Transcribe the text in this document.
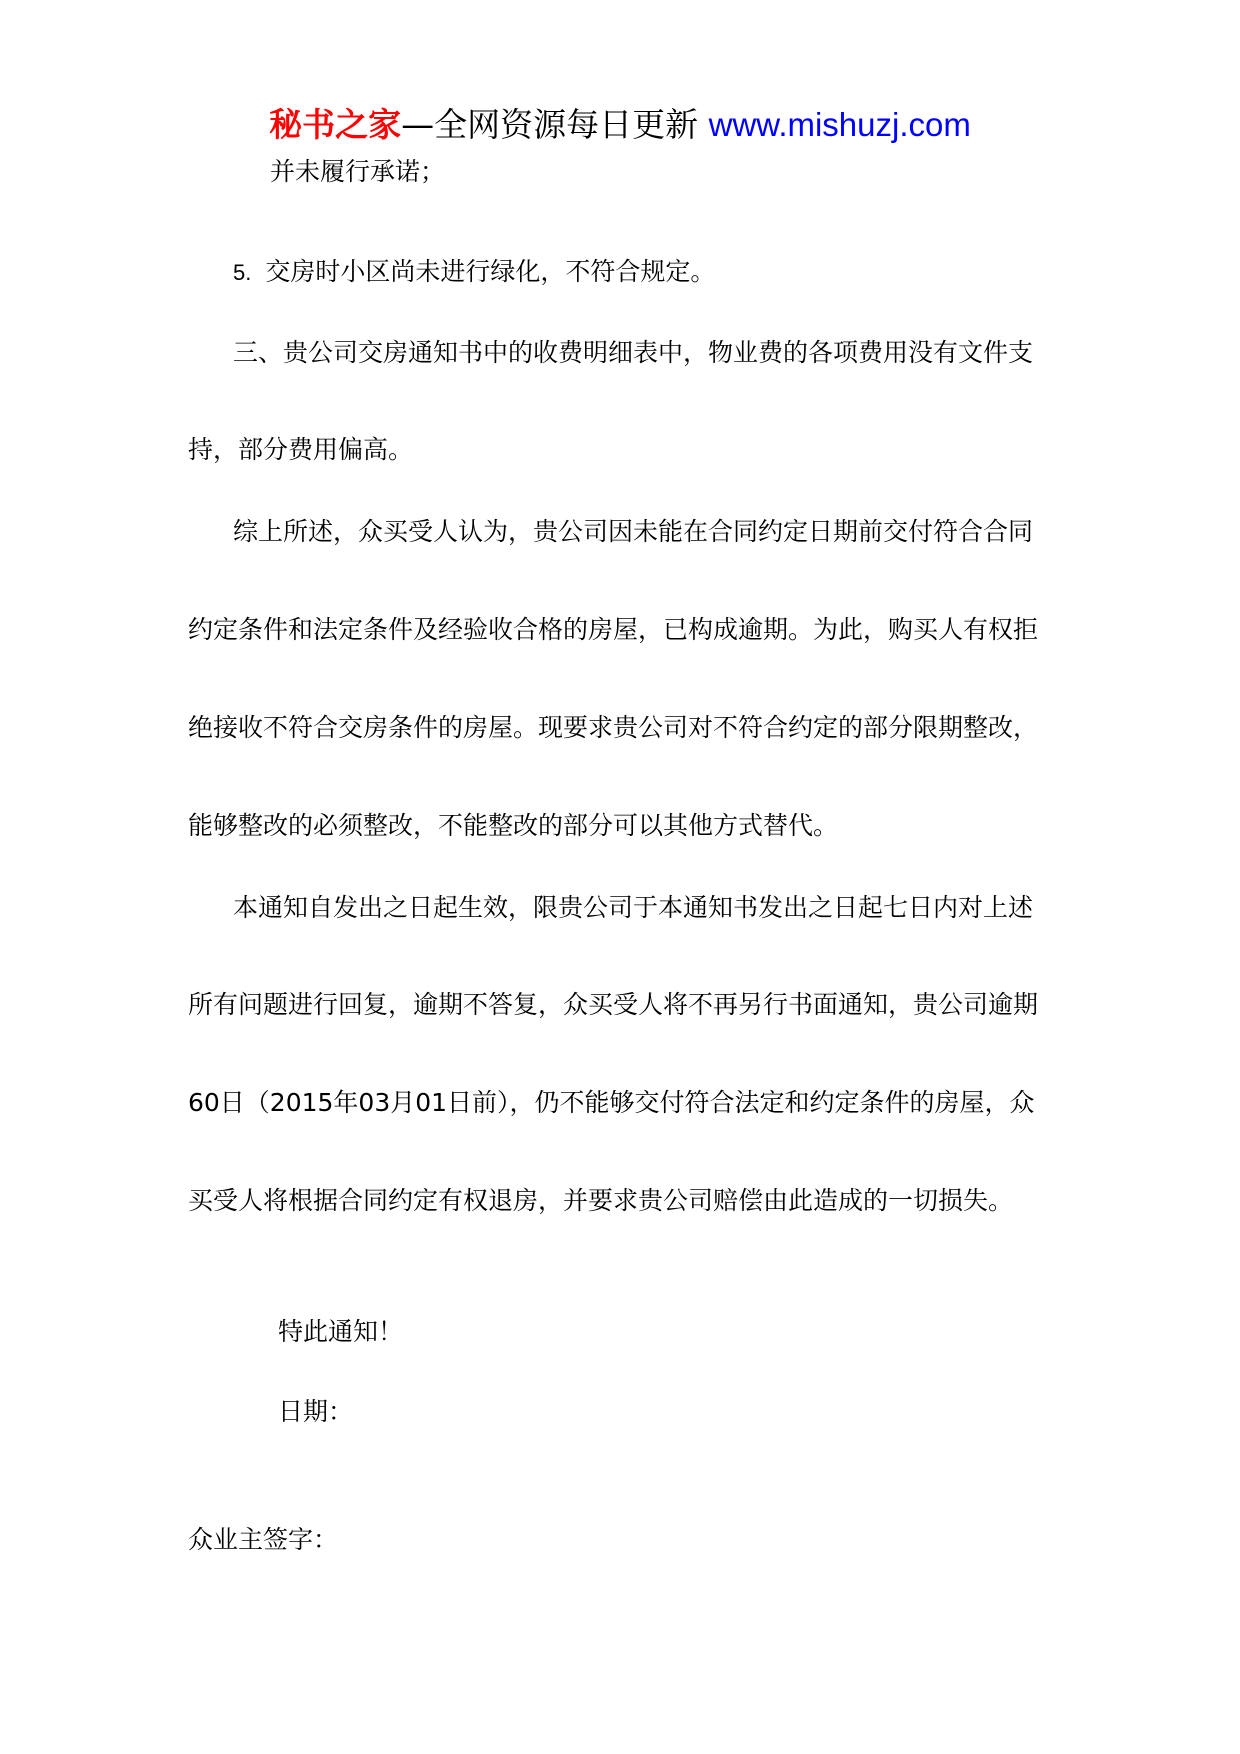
秘书之家—全网资源每日更新 www.mishuzj.com

并未履行承诺；

5. 交房时小区尚未进行绿化，不符合规定。

三、贵公司交房通知书中的收费明细表中，物业费的各项费用没有文件支

持，部分费用偏高。

综上所述，众买受人认为，贵公司因未能在合同约定日期前交付符合合同

约定条件和法定条件及经验收合格的房屋，已构成逾期。为此，购买人有权拒

绝接收不符合交房条件的房屋。现要求贵公司对不符合约定的部分限期整改，

能够整改的必须整改，不能整改的部分可以其他方式替代。

本通知自发出之日起生效，限贵公司于本通知书发出之日起七日内对上述

所有问题进行回复，逾期不答复，众买受人将不再另行书面通知，贵公司逾期

60日（2015年03月01日前），仍不能够交付符合法定和约定条件的房屋，众

买受人将根据合同约定有权退房，并要求贵公司赔偿由此造成的一切损失。

特此通知！

日期：

众业主签字：
